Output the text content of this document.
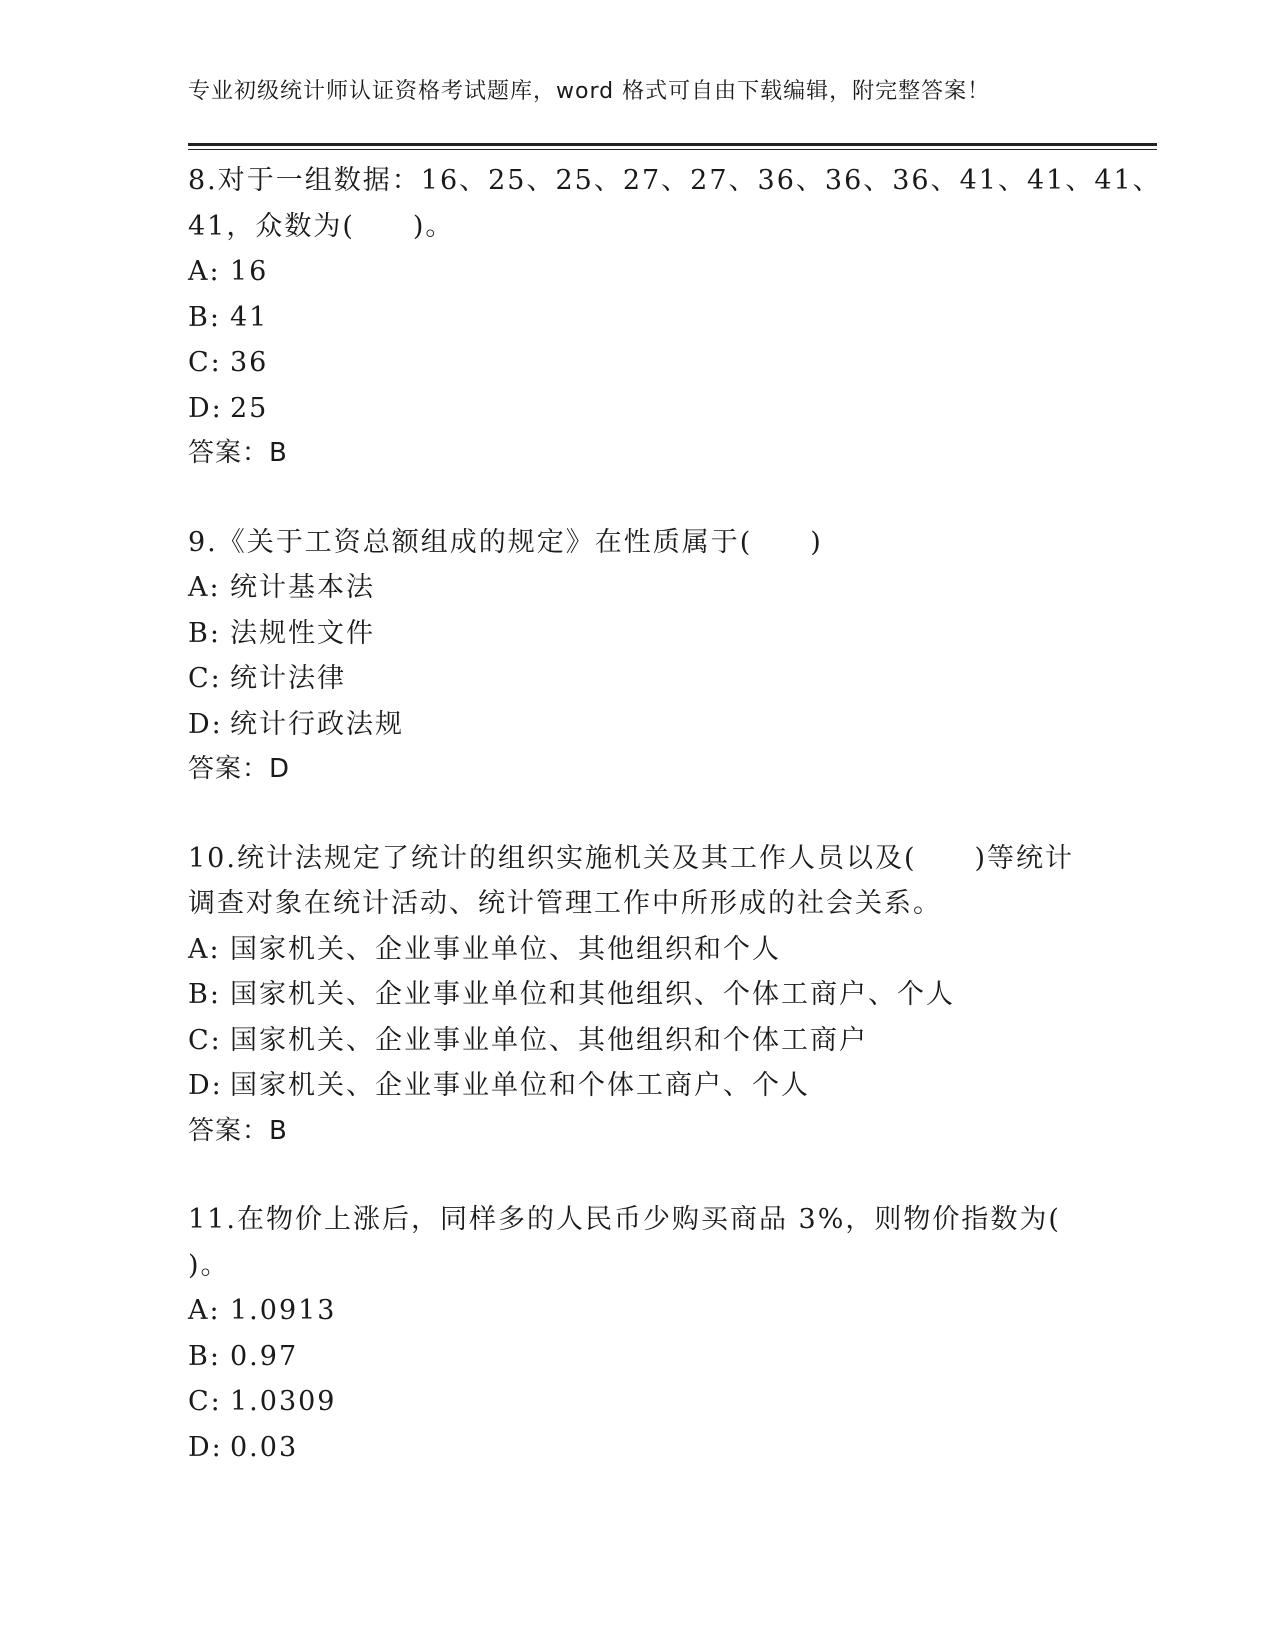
专业初级统计师认证资格考试题库，word 格式可自由下载编辑，附完整答案！
8.对于一组数据：16、25、25、27、27、36、36、36、41、41、41、
41，众数为(　　)。
A: 16
B: 41
C: 36
D: 25
答案：B
9.《关于工资总额组成的规定》在性质属于(　　)
A: 统计基本法
B: 法规性文件
C: 统计法律
D: 统计行政法规
答案：D
10.统计法规定了统计的组织实施机关及其工作人员以及(　　)等统计
调查对象在统计活动、统计管理工作中所形成的社会关系。
A: 国家机关、企业事业单位、其他组织和个人
B: 国家机关、企业事业单位和其他组织、个体工商户、个人
C: 国家机关、企业事业单位、其他组织和个体工商户
D: 国家机关、企业事业单位和个体工商户、个人
答案：B
11.在物价上涨后，同样多的人民币少购买商品 3%，则物价指数为(
)。
A: 1.0913
B: 0.97
C: 1.0309
D: 0.03
